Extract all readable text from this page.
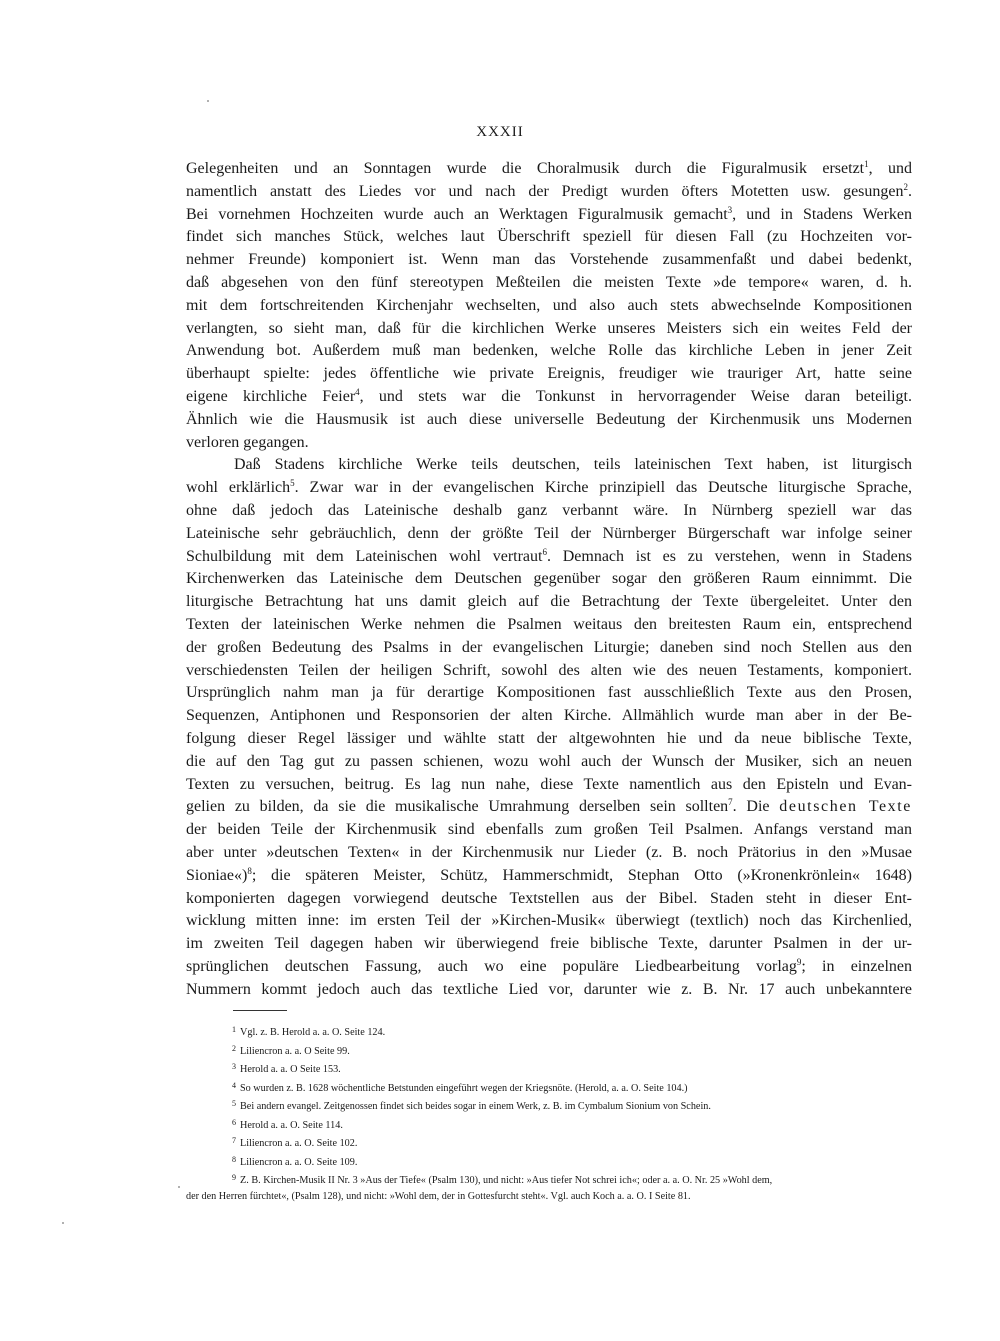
XXXII
Gelegenheiten und an Sonntagen wurde die Choralmusik durch die Figuralmusik ersetzt$^1$, und
namentlich anstatt des Liedes vor und nach der Predigt wurden öfters Motetten usw. gesungen$^2$.
Bei vornehmen Hochzeiten wurde auch an Werktagen Figuralmusik gemacht$^3$, und in Stadens Werken
findet sich manches Stück, welches laut Überschrift speziell für diesen Fall (zu Hochzeiten vor-
nehmer Freunde) komponiert ist. Wenn man das Vorstehende zusammenfaßt und dabei bedenkt,
daß abgesehen von den fünf stereotypen Meßteilen die meisten Texte »de tempore« waren, d. h.
mit dem fortschreitenden Kirchenjahr wechselten, und also auch stets abwechselnde Kompositionen
verlangten, so sieht man, daß für die kirchlichen Werke unseres Meisters sich ein weites Feld der
Anwendung bot. Außerdem muß man bedenken, welche Rolle das kirchliche Leben in jener Zeit
überhaupt spielte: jedes öffentliche wie private Ereignis, freudiger wie trauriger Art, hatte seine
eigene kirchliche Feier$^4$, und stets war die Tonkunst in hervorragender Weise daran beteiligt.
Ähnlich wie die Hausmusik ist auch diese universelle Bedeutung der Kirchenmusik uns Modernen
verloren gegangen.
Daß Stadens kirchliche Werke teils deutschen, teils lateinischen Text haben, ist liturgisch
wohl erklärlich$^5$. Zwar war in der evangelischen Kirche prinzipiell das Deutsche liturgische Sprache,
ohne daß jedoch das Lateinische deshalb ganz verbannt wäre. In Nürnberg speziell war das
Lateinische sehr gebräuchlich, denn der größte Teil der Nürnberger Bürgerschaft war infolge seiner
Schulbildung mit dem Lateinischen wohl vertraut$^6$. Demnach ist es zu verstehen, wenn in Stadens
Kirchenwerken das Lateinische dem Deutschen gegenüber sogar den größeren Raum einnimmt. Die
liturgische Betrachtung hat uns damit gleich auf die Betrachtung der Texte übergeleitet. Unter den
Texten der lateinischen Werke nehmen die Psalmen weitaus den breitesten Raum ein, entsprechend
der großen Bedeutung des Psalms in der evangelischen Liturgie; daneben sind noch Stellen aus den
verschiedensten Teilen der heiligen Schrift, sowohl des alten wie des neuen Testaments, komponiert.
Ursprünglich nahm man ja für derartige Kompositionen fast ausschließlich Texte aus den Prosen,
Sequenzen, Antiphonen und Responsorien der alten Kirche. Allmählich wurde man aber in der Be-
folgung dieser Regel lässiger und wählte statt der altgewohnten hie und da neue biblische Texte,
die auf den Tag gut zu passen schienen, wozu wohl auch der Wunsch der Musiker, sich an neuen
Texten zu versuchen, beitrug. Es lag nun nahe, diese Texte namentlich aus den Episteln und Evan-
gelien zu bilden, da sie die musikalische Umrahmung derselben sein sollten$^7$. Die deutschen Texte
der beiden Teile der Kirchenmusik sind ebenfalls zum großen Teil Psalmen. Anfangs verstand man
aber unter »deutschen Texten« in der Kirchenmusik nur Lieder (z. B. noch Prätorius in den »Musae
Sioniae«)$^8$; die späteren Meister, Schütz, Hammerschmidt, Stephan Otto (»Kronenkrönlein« 1648)
komponierten dagegen vorwiegend deutsche Textstellen aus der Bibel. Staden steht in dieser Ent-
wicklung mitten inne: im ersten Teil der »Kirchen-Musik« überwiegt (textlich) noch das Kirchenlied,
im zweiten Teil dagegen haben wir überwiegend freie biblische Texte, darunter Psalmen in der ur-
sprünglichen deutschen Fassung, auch wo eine populäre Liedbearbeitung vorlag$^9$; in einzelnen
Nummern kommt jedoch auch das textliche Lied vor, darunter wie z. B. Nr. 17 auch unbekanntere
$^1$ Vgl. z. B. Herold a. a. O. Seite 124.
$^2$ Liliencron a. a. O Seite 99.
$^3$ Herold a. a. O Seite 153.
$^4$ So wurden z. B. 1628 wöchentliche Betstunden eingeführt wegen der Kriegsnöte. (Herold, a. a. O. Seite 104.)
$^5$ Bei andern evangel. Zeitgenossen findet sich beides sogar in einem Werk, z. B. im Cymbalum Sionium von Schein.
$^6$ Herold a. a. O. Seite 114.
$^7$ Liliencron a. a. O. Seite 102.
$^8$ Liliencron a. a. O. Seite 109.
$^9$ Z. B. Kirchen-Musik II Nr. 3 »Aus der Tiefe« (Psalm 130), und nicht: »Aus tiefer Not schrei ich«; oder a. a. O. Nr. 25 »Wohl dem,
der den Herren fürchtet«, (Psalm 128), und nicht: »Wohl dem, der in Gottesfurcht steht«. Vgl. auch Koch a. a. O. I Seite 81.
